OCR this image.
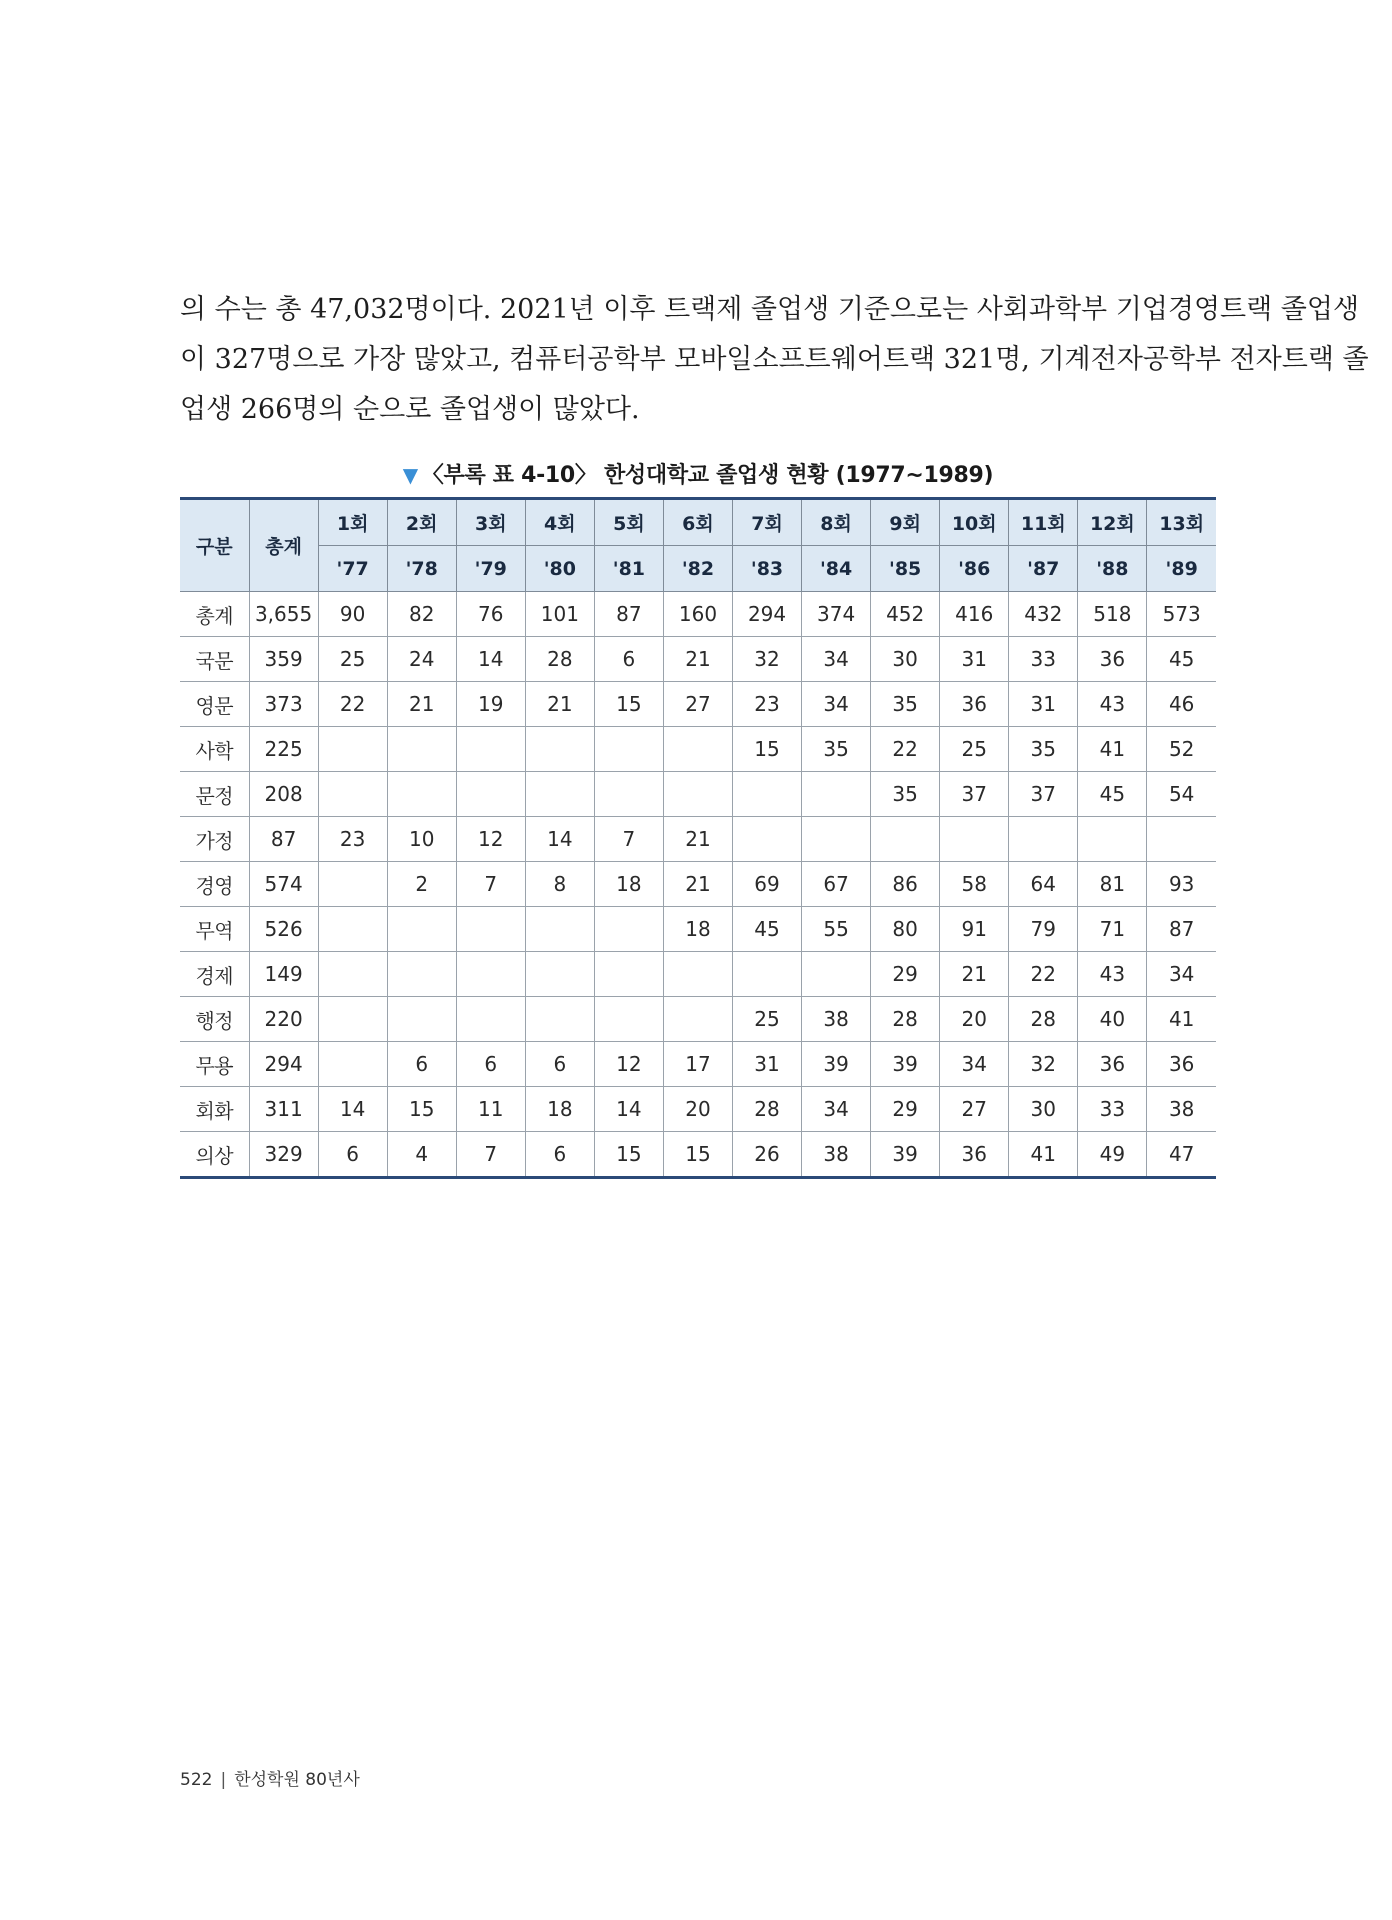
의 수는 총 47,032명이다. 2021년 이후 트랙제 졸업생 기준으로는 사회과학부 기업경영트랙 졸업생
이 327명으로 가장 많았고, 컴퓨터공학부 모바일소프트웨어트랙 321명, 기계전자공학부 전자트랙 졸
업생 266명의 순으로 졸업생이 많았다.
▼ 〈부록 표 4-10〉 한성대학교 졸업생 현황 (1977~1989)
구분	총계	1회	2회	3회	4회	5회	6회	7회	8회	9회	10회	11회	12회	13회
		'77	'78	'79	'80	'81	'82	'83	'84	'85	'86	'87	'88	'89
총계	3,655	90	82	76	101	87	160	294	374	452	416	432	518	573
국문	359	25	24	14	28	6	21	32	34	30	31	33	36	45
영문	373	22	21	19	21	15	27	23	34	35	36	31	43	46
사학	225							15	35	22	25	35	41	52
문정	208									35	37	37	45	54
가정	87	23	10	12	14	7	21							
경영	574		2	7	8	18	21	69	67	86	58	64	81	93
무역	526						18	45	55	80	91	79	71	87
경제	149									29	21	22	43	34
행정	220							25	38	28	20	28	40	41
무용	294		6	6	6	12	17	31	39	39	34	32	36	36
회화	311	14	15	11	18	14	20	28	34	29	27	30	33	38
의상	329	6	4	7	6	15	15	26	38	39	36	41	49	47
522 | 한성학원 80년사
